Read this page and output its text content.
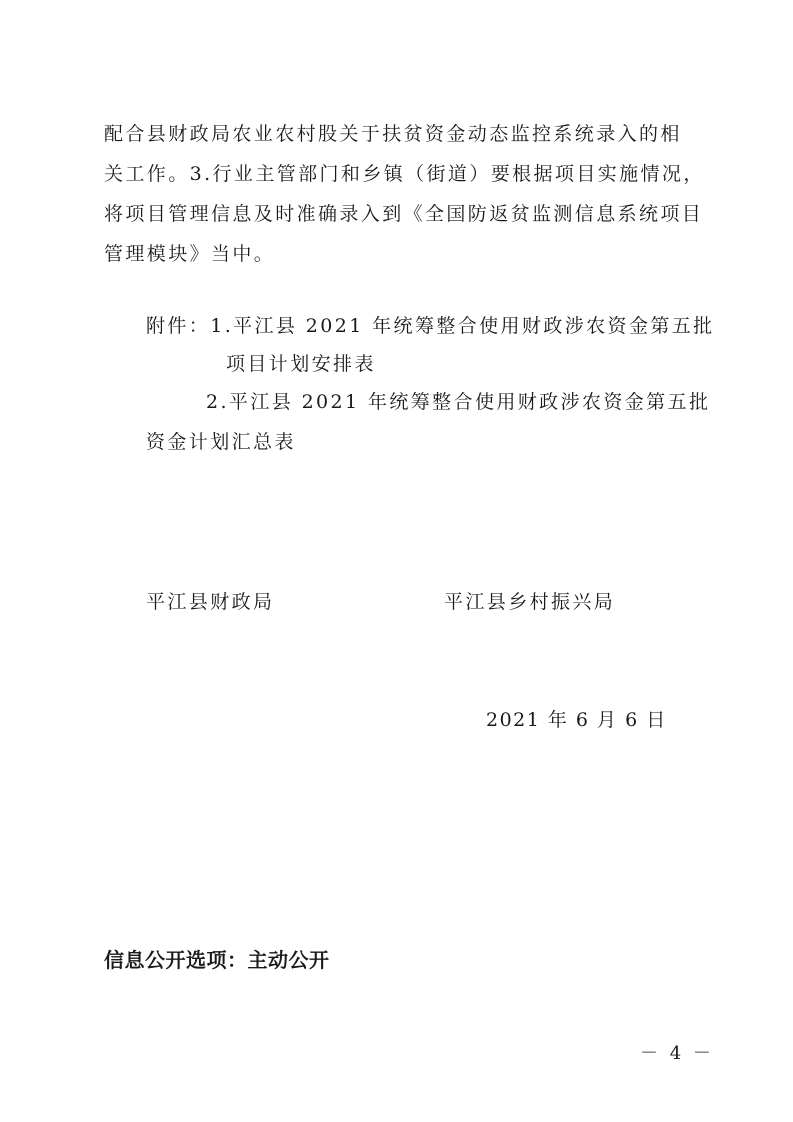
配合县财政局农业农村股关于扶贫资金动态监控系统录入的相
关工作。3.行业主管部门和乡镇（街道）要根据项目实施情况，
将项目管理信息及时准确录入到《全国防返贫监测信息系统项目
管理模块》当中。
附件：1.平江县 2021 年统筹整合使用财政涉农资金第五批
项目计划安排表
2.平江县 2021 年统筹整合使用财政涉农资金第五批
资金计划汇总表
平江县财政局	平江县乡村振兴局
2021 年 6 月 6 日
信息公开选项：主动公开
－ 4 －
